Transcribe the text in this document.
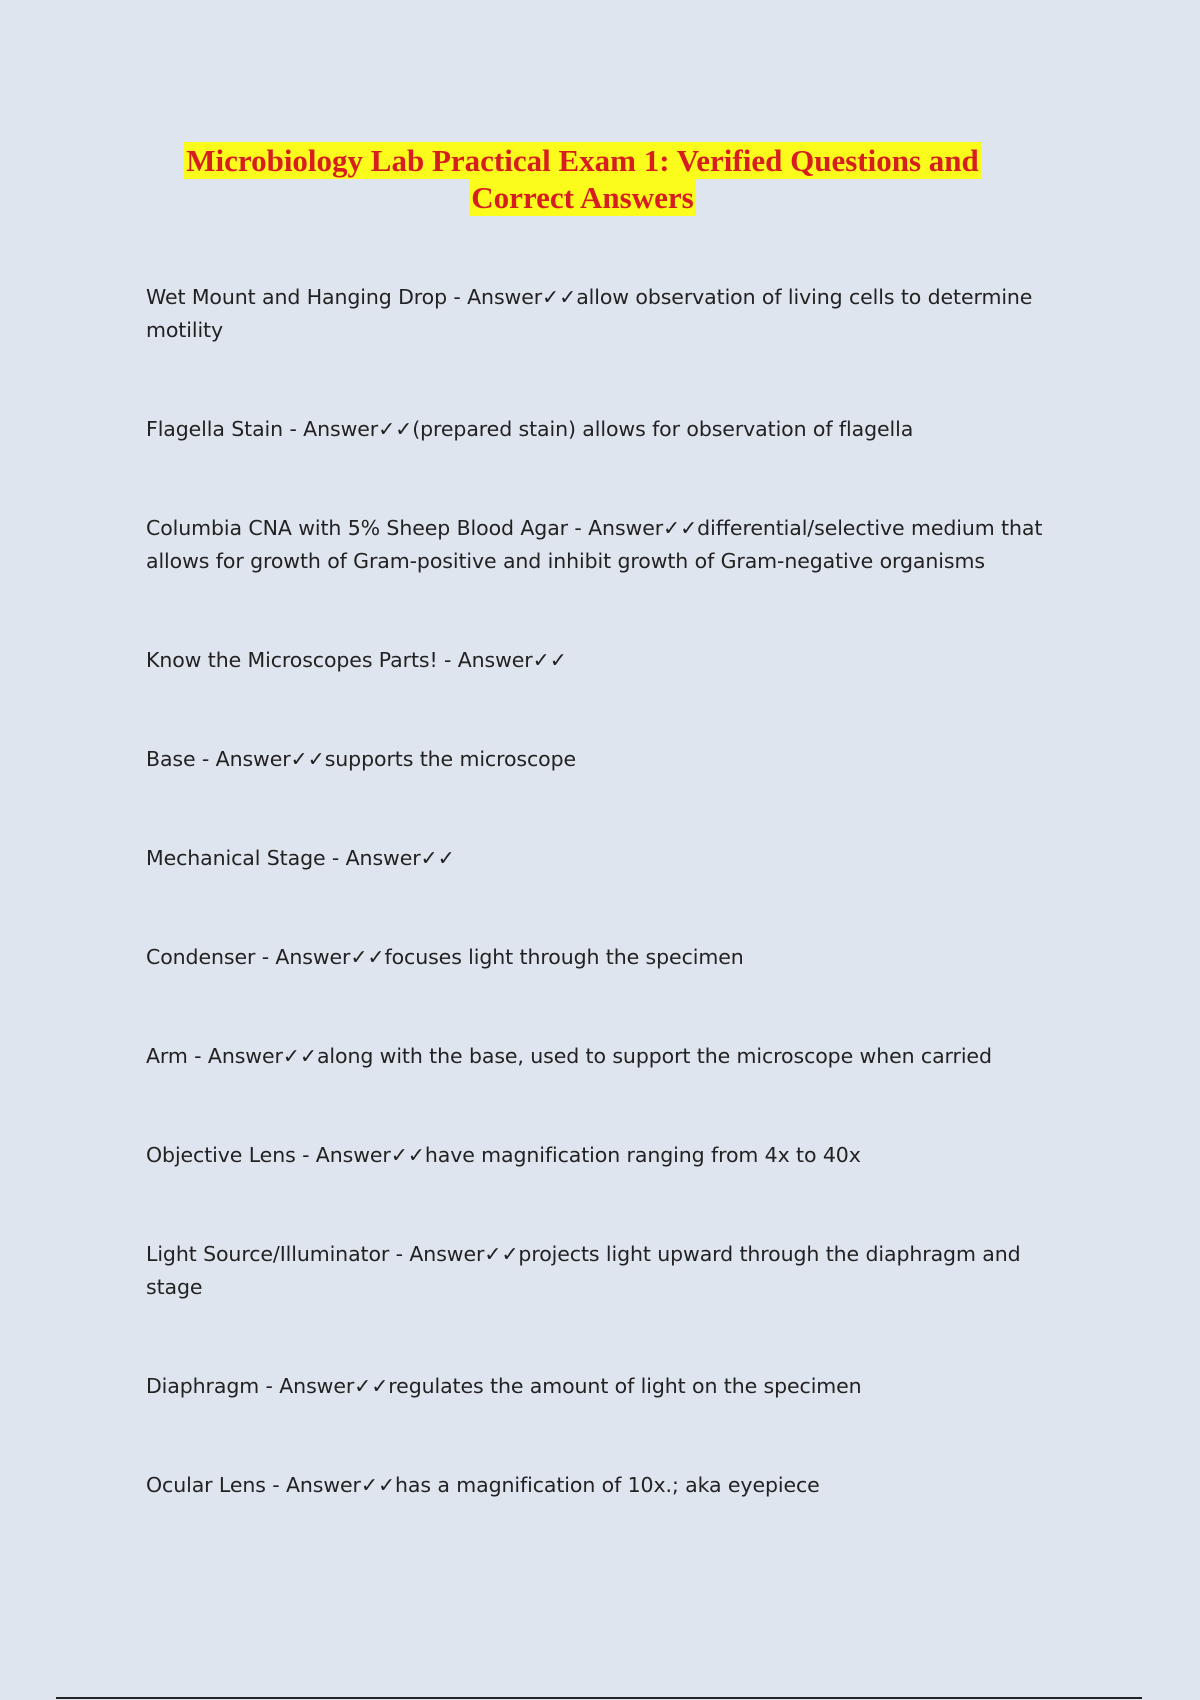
Microbiology Lab Practical Exam 1: Verified Questions and
Correct Answers
Wet Mount and Hanging Drop - Answer✓✓allow observation of living cells to determine motility
Flagella Stain - Answer✓✓(prepared stain) allows for observation of flagella
Columbia CNA with 5% Sheep Blood Agar - Answer✓✓differential/selective medium that allows for growth of Gram-positive and inhibit growth of Gram-negative organisms
Know the Microscopes Parts! - Answer✓✓
Base - Answer✓✓supports the microscope
Mechanical Stage - Answer✓✓
Condenser - Answer✓✓focuses light through the specimen
Arm - Answer✓✓along with the base, used to support the microscope when carried
Objective Lens - Answer✓✓have magnification ranging from 4x to 40x
Light Source/Illuminator - Answer✓✓projects light upward through the diaphragm and stage
Diaphragm - Answer✓✓regulates the amount of light on the specimen
Ocular Lens - Answer✓✓has a magnification of 10x.; aka eyepiece
